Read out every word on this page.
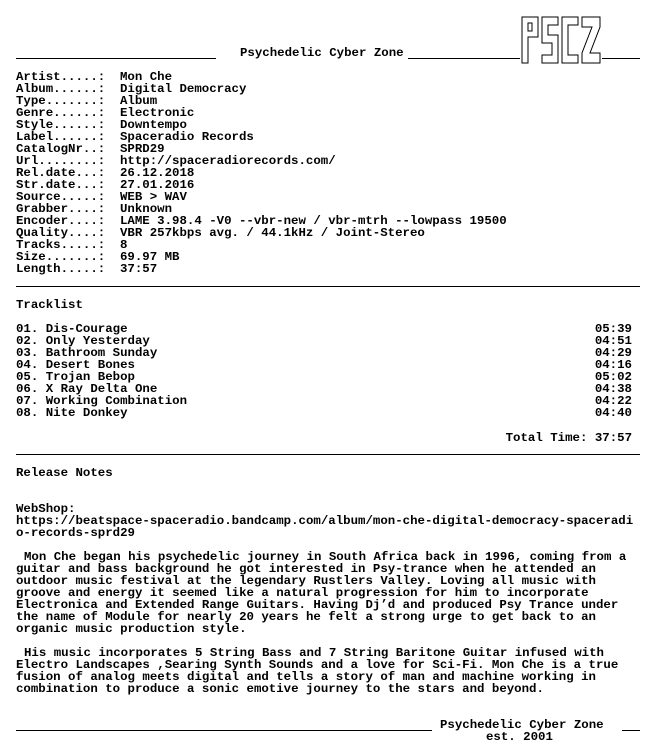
Psychedelic Cyber Zone
Artist.....: Mon Che
Album......: Digital Democracy
Type.......: Album
Genre......: Electronic
Style......: Downtempo
Label......: Spaceradio Records
CatalogNr..: SPRD29
Url........: http://spaceradiorecords.com/
Rel.date...: 26.12.2018
Str.date...: 27.01.2016
Source.....: WEB > WAV
Grabber....: Unknown
Encoder....: LAME 3.98.4 -V0 --vbr-new / vbr-mtrh --lowpass 19500
Quality....: VBR 257kbps avg. / 44.1kHz / Joint-Stereo
Tracks.....: 8
Size.......: 69.97 MB
Length.....: 37:57
Tracklist
01. Dis-Courage	05:39
02. Only Yesterday	04:51
03. Bathroom Sunday	04:29
04. Desert Bones	04:16
05. Trojan Bebop	05:02
06. X Ray Delta One	04:38
07. Working Combination	04:22
08. Nite Donkey	04:40
Total Time: 37:57
Release Notes

WebShop:

https://beatspace-spaceradio.bandcamp.com/album/mon-che-digital-democracy-spaceradio-records-sprd29

Mon Che began his psychedelic journey in South Africa back in 1996, coming from a guitar and bass background he got interested in Psy-trance when he attended an outdoor music festival at the legendary Rustlers Valley. Loving all music with groove and energy it seemed like a natural progression for him to incorporate Electronica and Extended Range Guitars. Having Dj’d and produced Psy Trance under the name of Module for nearly 20 years he felt a strong urge to get back to an organic music production style.

His music incorporates 5 String Bass and 7 String Baritone Guitar infused with Electro Landscapes ,Searing Synth Sounds and a love for Sci-Fi. Mon Che is a true fusion of analog meets digital and tells a story of man and machine working in combination to produce a sonic emotive journey to the stars and beyond.

Psychedelic Cyber Zone
est. 2001
